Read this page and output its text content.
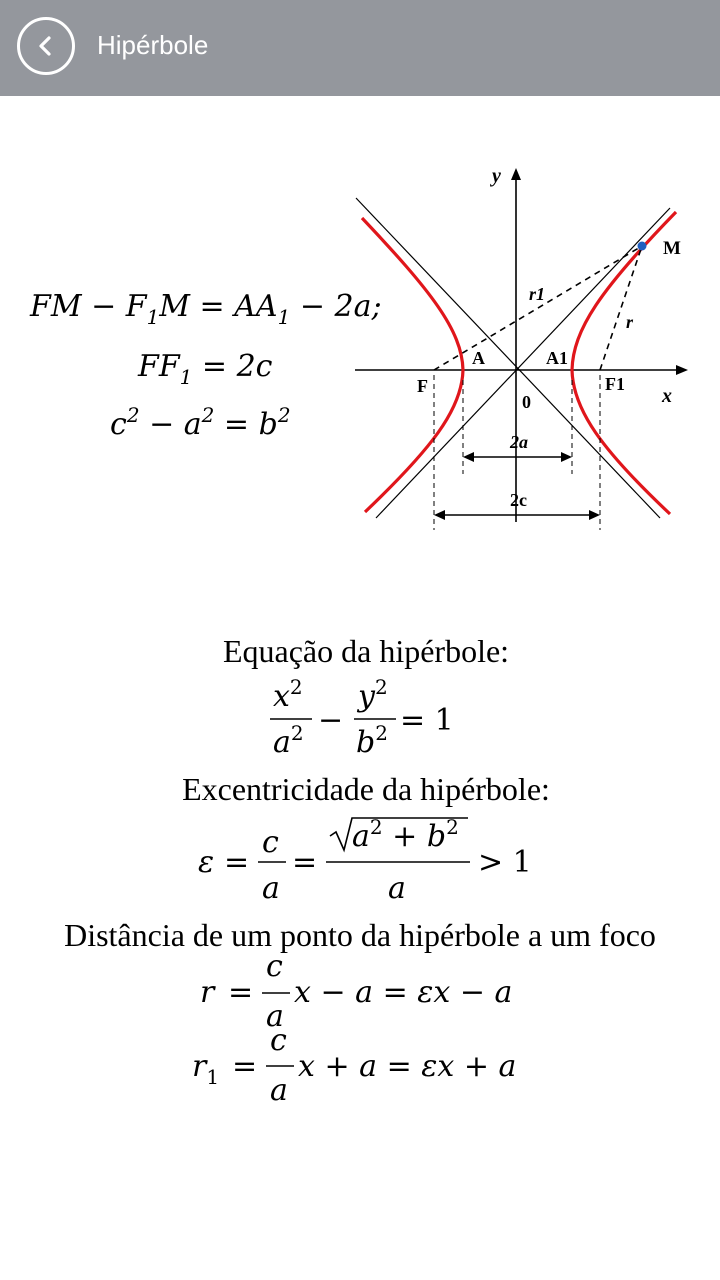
Hipérbole
FM − $F_1M = AA_1 - 2a$;
$FF_1 = 2c$
$c^2 - a^2 = b^2$
y
x
M
r1
r
A	A1
F	F1
0
2a
2c
Equação da hipérbole:
Excentricidade da hipérbole:
Distância de um ponto da hipérbole a um foco
$x^2$
$a^2$ −
$y^2$
$b^2 = 1$
ε =
c
a
=
$a^2 + b^2$
a
> 1
r =
c
a
x − a = εx − a
$r_1$ =
c
a
x + a = εx + a
